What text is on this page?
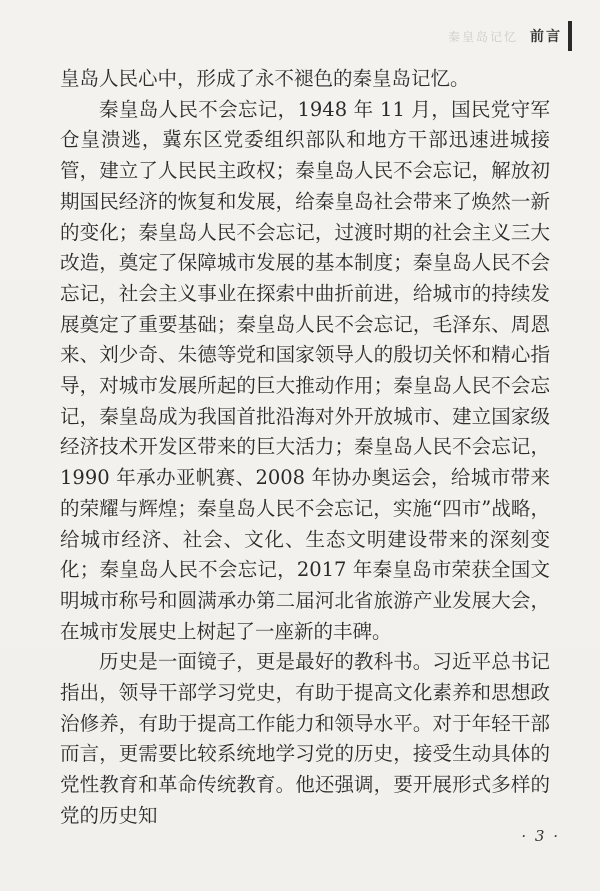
秦皇岛记忆 前言

皇岛人民心中，形成了永不褪色的秦皇岛记忆。

秦皇岛人民不会忘记，1948 年 11 月，国民党守军仓皇溃逃，冀东区党委组织部队和地方干部迅速进城接管，建立了人民民主政权；秦皇岛人民不会忘记，解放初期国民经济的恢复和发展，给秦皇岛社会带来了焕然一新的变化；秦皇岛人民不会忘记，过渡时期的社会主义三大改造，奠定了保障城市发展的基本制度；秦皇岛人民不会忘记，社会主义事业在探索中曲折前进，给城市的持续发展奠定了重要基础；秦皇岛人民不会忘记，毛泽东、周恩来、刘少奇、朱德等党和国家领导人的殷切关怀和精心指导，对城市发展所起的巨大推动作用；秦皇岛人民不会忘记，秦皇岛成为我国首批沿海对外开放城市、建立国家级经济技术开发区带来的巨大活力；秦皇岛人民不会忘记，1990 年承办亚帆赛、2008 年协办奥运会，给城市带来的荣耀与辉煌；秦皇岛人民不会忘记，实施“四市”战略，给城市经济、社会、文化、生态文明建设带来的深刻变化；秦皇岛人民不会忘记，2017 年秦皇岛市荣获全国文明城市称号和圆满承办第二届河北省旅游产业发展大会，在城市发展史上树起了一座新的丰碑。

历史是一面镜子，更是最好的教科书。习近平总书记指出，领导干部学习党史，有助于提高文化素养和思想政治修养，有助于提高工作能力和领导水平。对于年轻干部而言，更需要比较系统地学习党的历史，接受生动具体的党性教育和革命传统教育。他还强调，要开展形式多样的党的历史知

· 3 ·
